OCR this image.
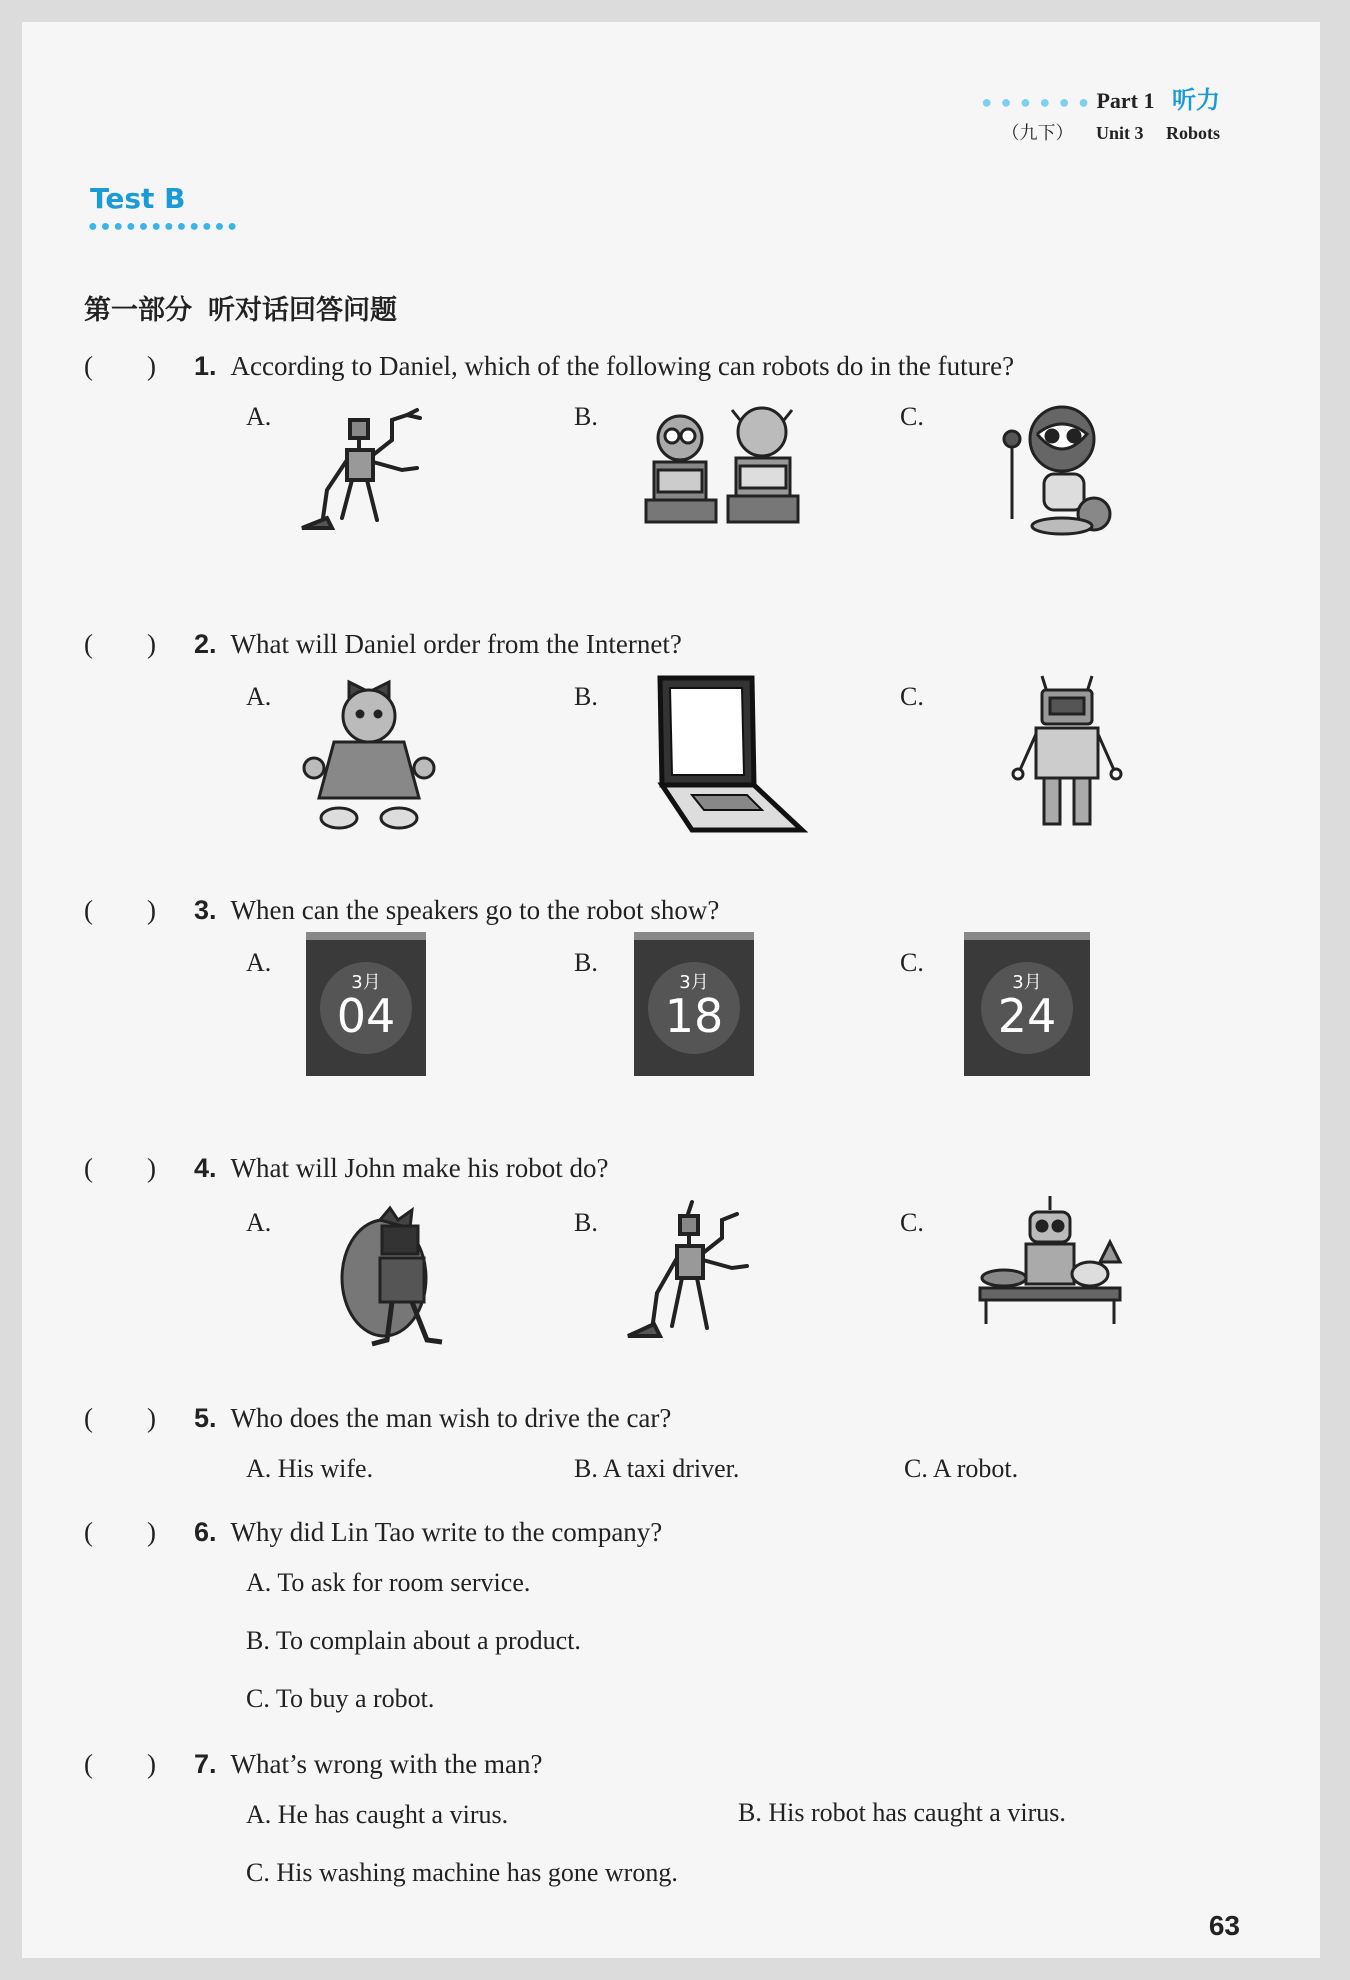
● ● ● ● ● ● Part 1 听力
（九下） Unit 3 Robots
Test B
●●●●●●●●●●●●
第一部分 听对话回答问题
(　　) 1. According to Daniel, which of the following can robots do in the future?
A.	B.	C.
(　　) 2. What will Daniel order from the Internet?
A.	B.	C.
(　　) 3. When can the speakers go to the robot show?
A.	B.	C.
3月
04
3月
18
3月
24
(　　) 4. What will John make his robot do?
A.	B.	C.
(　　) 5. Who does the man wish to drive the car?
A. His wife.	B. A taxi driver.	C. A robot.
(　　) 6. Why did Lin Tao write to the company?
A. To ask for room service.
B. To complain about a product.
C. To buy a robot.
(　　) 7. What’s wrong with the man?
A. He has caught a virus.	B. His robot has caught a virus.
C. His washing machine has gone wrong.
63
